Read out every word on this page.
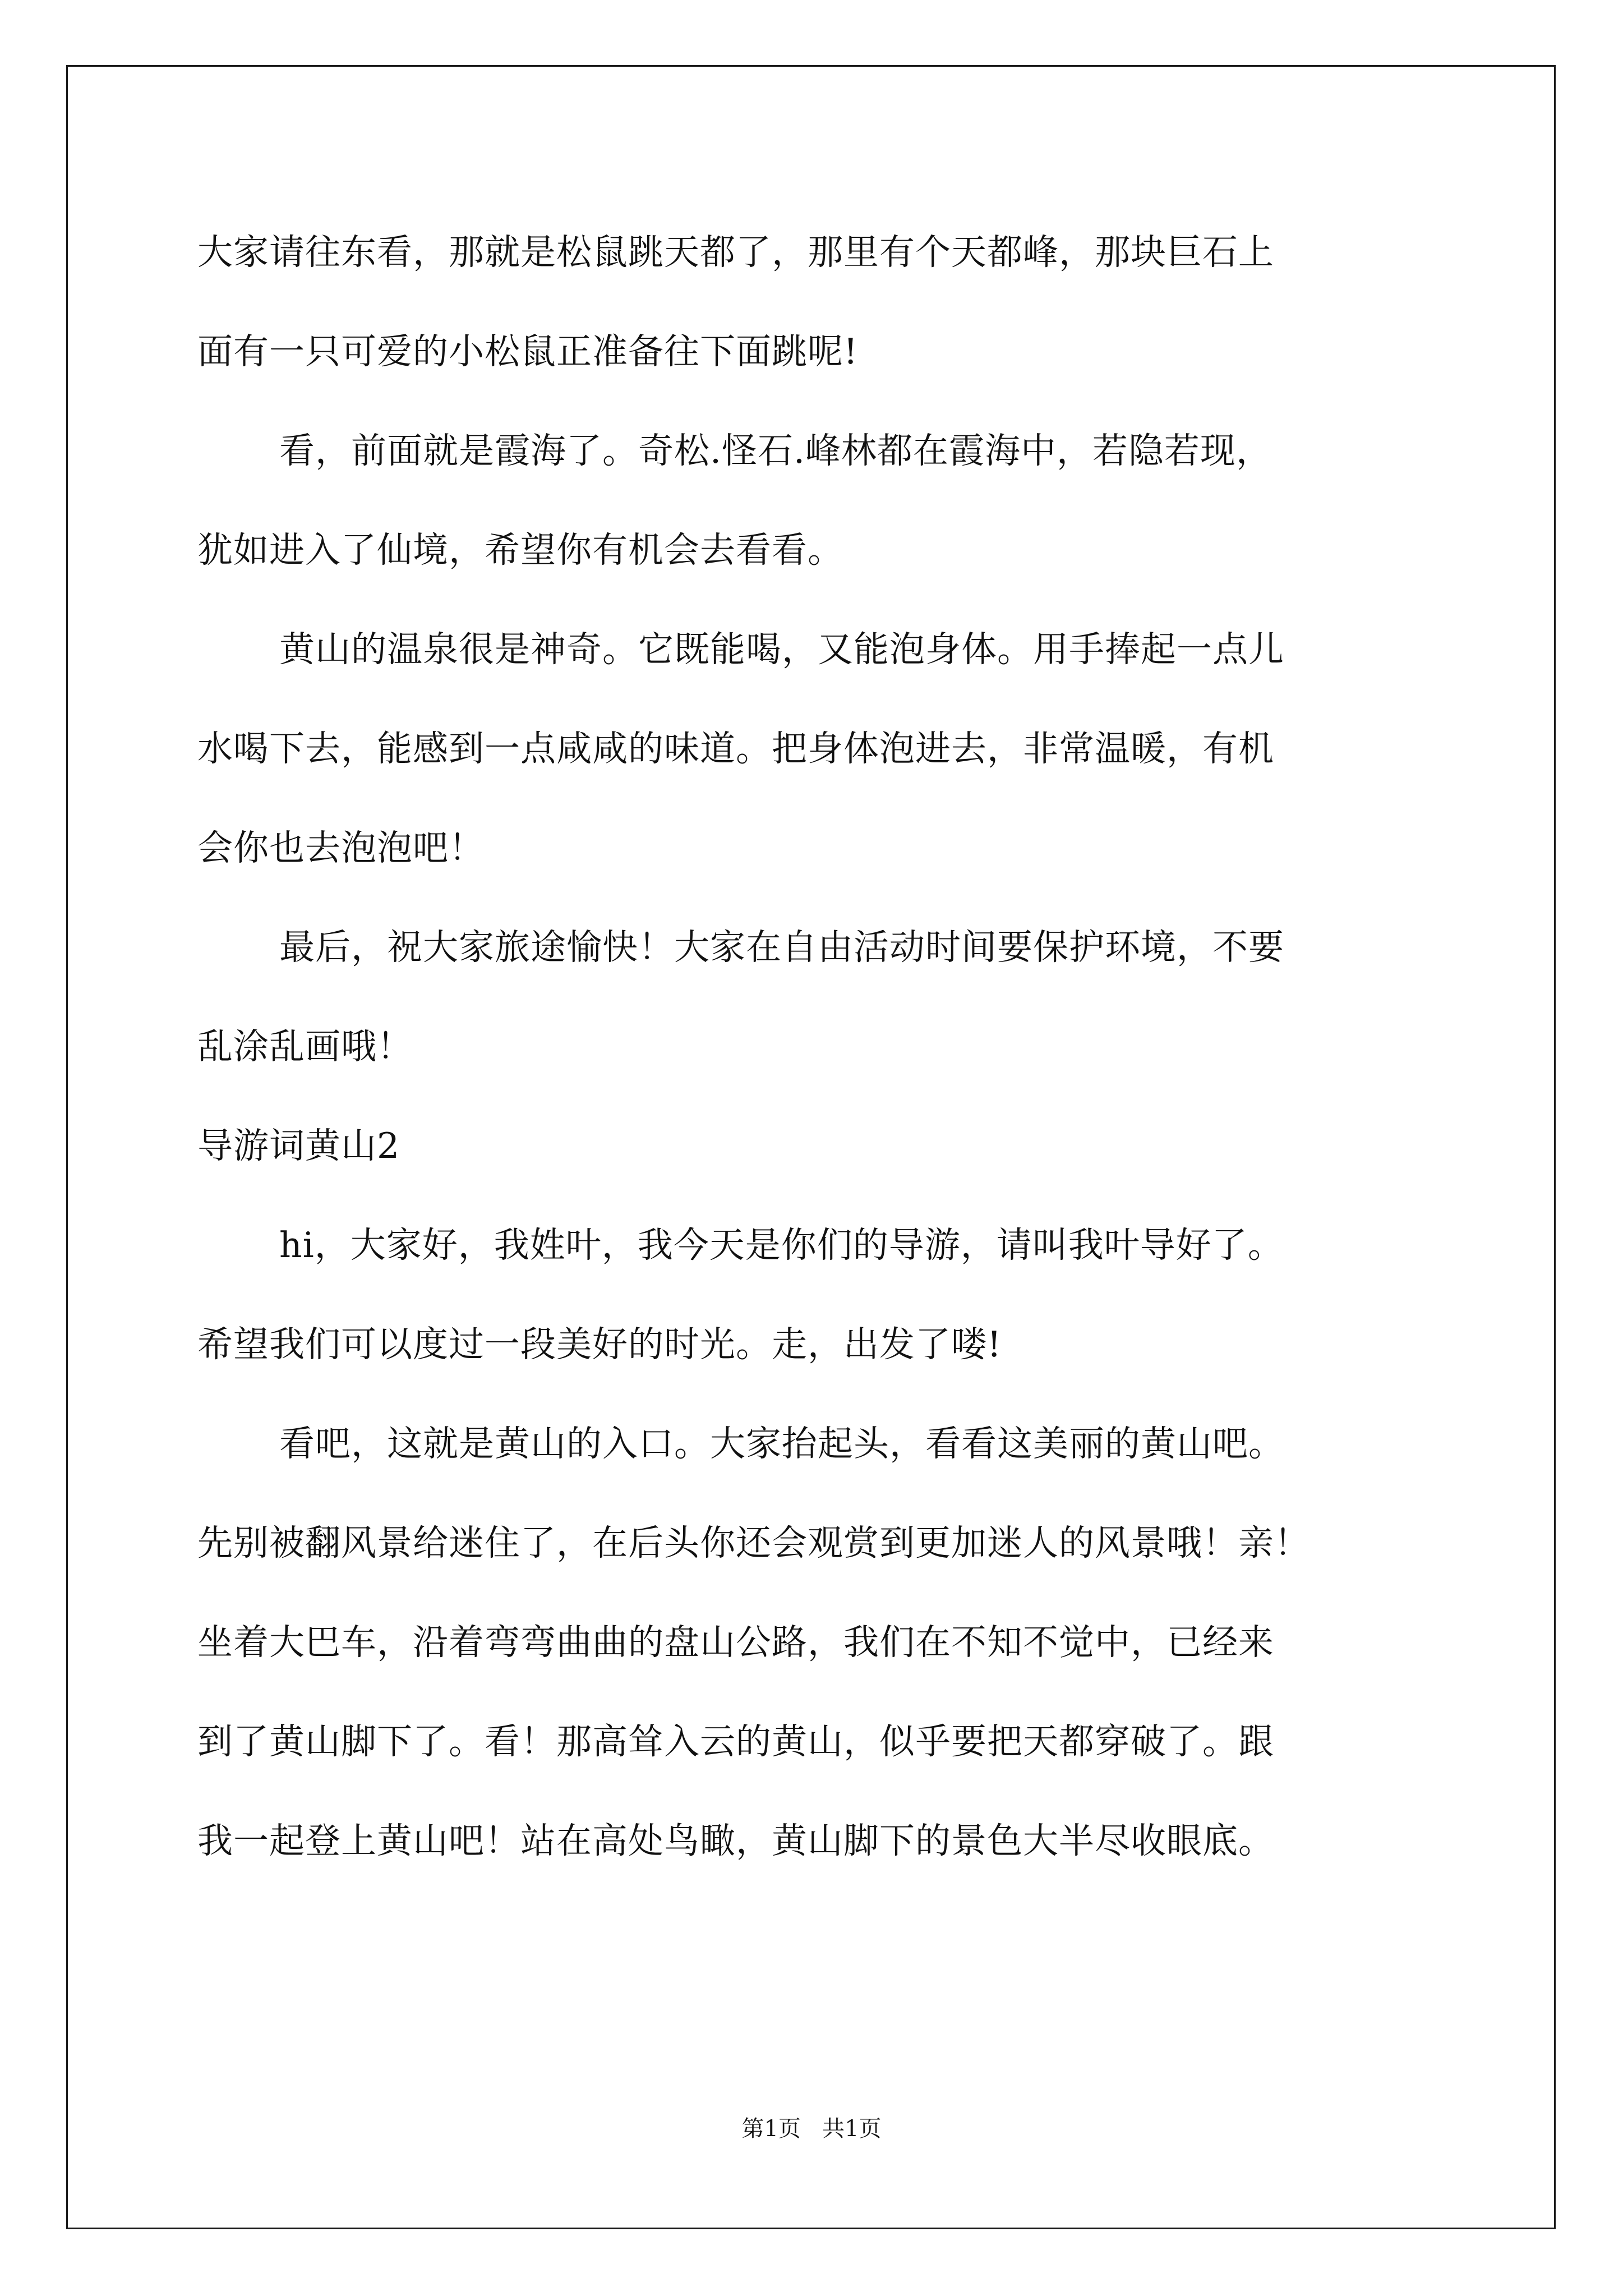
大家请往东看，那就是松鼠跳天都了，那里有个天都峰，那块巨石上
面有一只可爱的小松鼠正准备往下面跳呢!
看，前面就是霞海了。奇松.怪石.峰林都在霞海中，若隐若现，
犹如进入了仙境，希望你有机会去看看。
黄山的温泉很是神奇。它既能喝，又能泡身体。用手捧起一点儿
水喝下去，能感到一点咸咸的味道。把身体泡进去，非常温暖，有机
会你也去泡泡吧！
最后，祝大家旅途愉快！大家在自由活动时间要保护环境，不要
乱涂乱画哦！
导游词黄山2
hi，大家好，我姓叶，我今天是你们的导游，请叫我叶导好了。
希望我们可以度过一段美好的时光。走，出发了喽!
看吧，这就是黄山的入口。大家抬起头，看看这美丽的黄山吧。
先别被翻风景给迷住了，在后头你还会观赏到更加迷人的风景哦！亲！
坐着大巴车，沿着弯弯曲曲的盘山公路，我们在不知不觉中，已经来
到了黄山脚下了。看！那高耸入云的黄山，似乎要把天都穿破了。跟
我一起登上黄山吧！站在高处鸟瞰，黄山脚下的景色大半尽收眼底。
第1页   共1页
